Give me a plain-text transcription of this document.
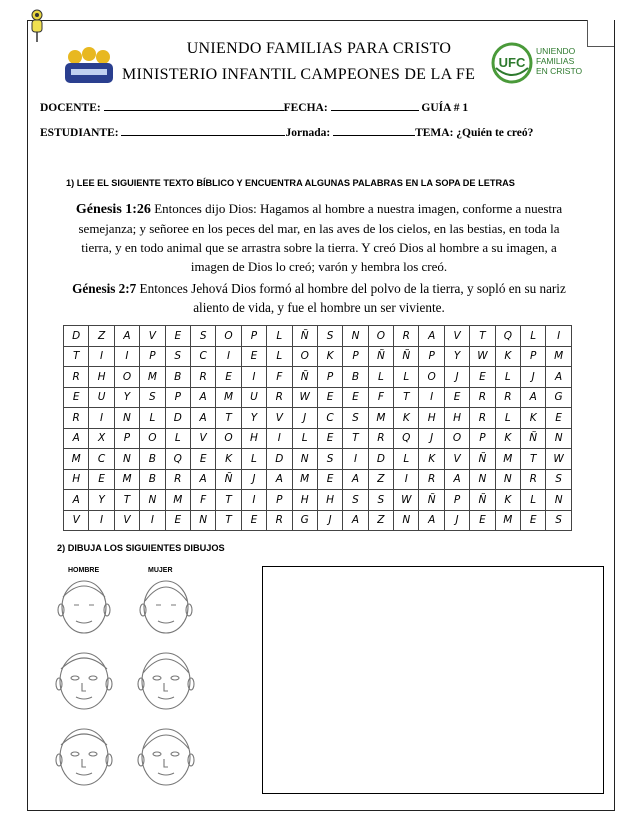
UNIENDO FAMILIAS PARA CRISTO
MINISTERIO INFANTIL CAMPEONES DE LA FE
UFC
UNIENDO
FAMILIAS
EN CRISTO
DOCENTE:	FECHA:	GUÍA # 1
ESTUDIANTE:	Jornada:	TEMA: ¿Quién te creó?
1) LEE EL SIGUIENTE TEXTO BÍBLICO Y ENCUENTRA ALGUNAS PALABRAS EN LA SOPA DE LETRAS
Génesis 1:26 Entonces dijo Dios: Hagamos al hombre a nuestra imagen, conforme a nuestra
semejanza; y señoree en los peces del mar, en las aves de los cielos, en las bestias, en toda la
tierra, y en todo animal que se arrastra sobre la tierra. Y creó Dios al hombre a su imagen, a
imagen de Dios lo creó; varón y hembra los creó.
Génesis 2:7 Entonces Jehová Dios formó al hombre del polvo de la tierra, y sopló en su nariz
aliento de vida, y fue el hombre un ser viviente.
D	Z	A	V	E	S	O	P	L	Ñ	S	N	O	R	A	V	T	Q	L	I
T	I	I	P	S	C	I	E	L	O	K	P	Ñ	Ñ	P	Y	W	K	P	M
R	H	O	M	B	R	E	I	F	Ñ	P	B	L	L	O	J	E	L	J	A
E	U	Y	S	P	A	M	U	R	W	E	E	F	T	I	E	R	R	A	G
R	I	N	L	D	A	T	Y	V	J	C	S	M	K	H	H	R	L	K	E
A	X	P	O	L	V	O	H	I	L	E	T	R	Q	J	O	P	K	Ñ	N
M	C	N	B	Q	E	K	L	D	N	S	I	D	L	K	V	Ñ	M	T	W
H	E	M	B	R	A	Ñ	J	A	M	E	A	Z	I	R	A	N	N	R	S
A	Y	T	N	M	F	T	I	P	H	H	S	S	W	Ñ	P	Ñ	K	L	N
V	I	V	I	E	N	T	E	R	G	J	A	Z	N	A	J	E	M	E	S
2) DIBUJA LOS SIGUIENTES DIBUJOS
HOMBRE	MUJER
